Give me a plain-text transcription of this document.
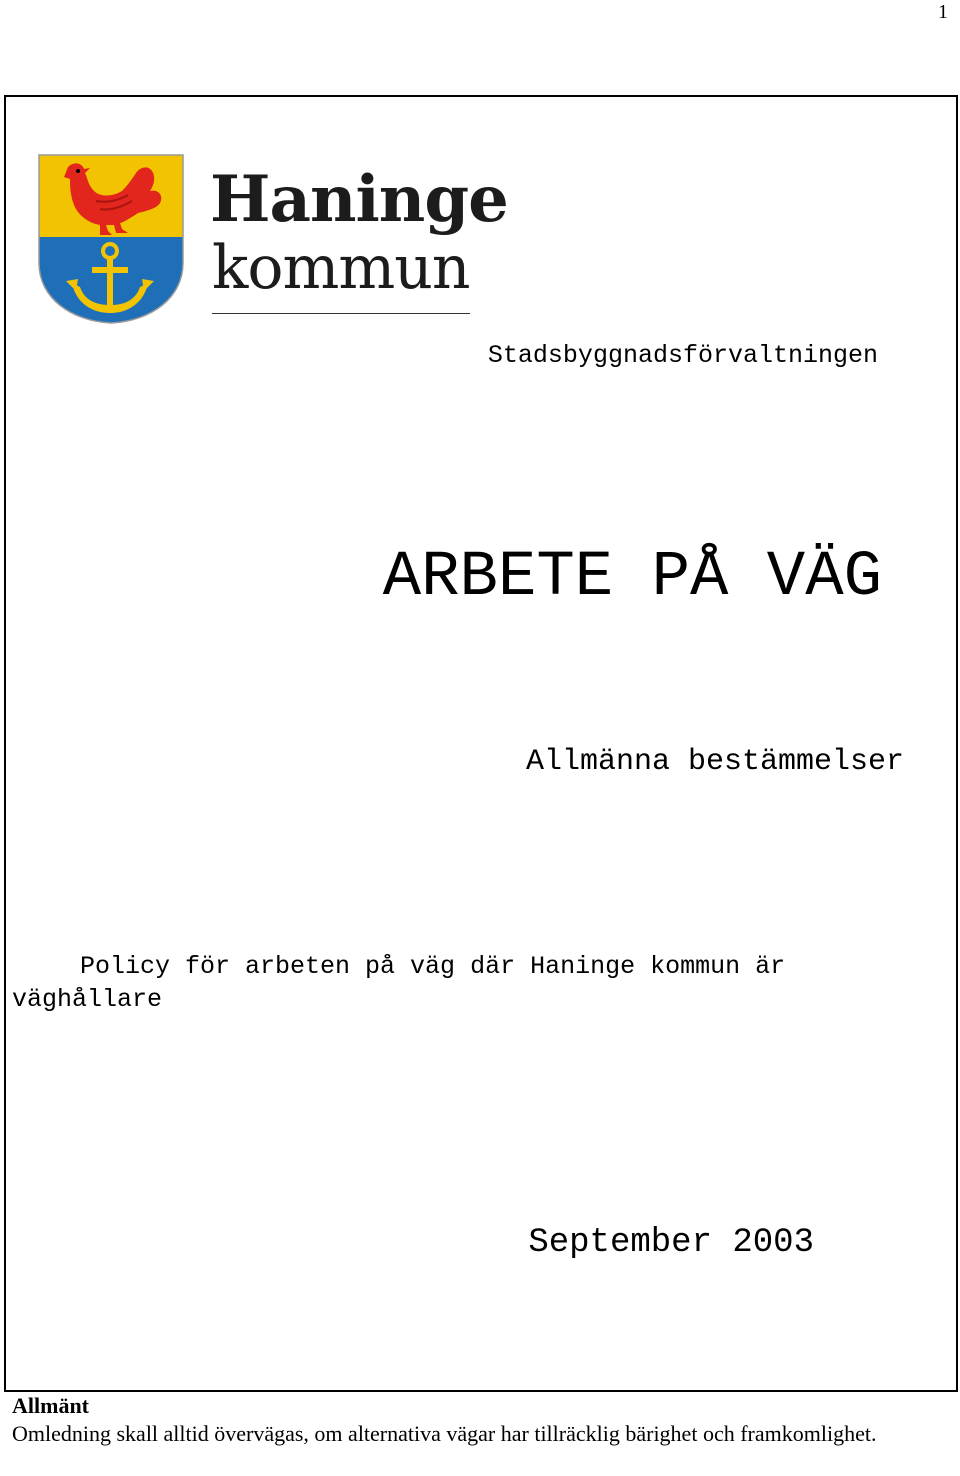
1
Haninge
kommun
Stadsbyggnadsförvaltningen
ARBETE PÅ VÄG
Allmänna bestämmelser
Policy för arbeten på väg där Haninge kommun är väghållare
September 2003
Allmänt
Omledning skall alltid övervägas, om alternativa vägar har tillräcklig bärighet och framkomlighet.
